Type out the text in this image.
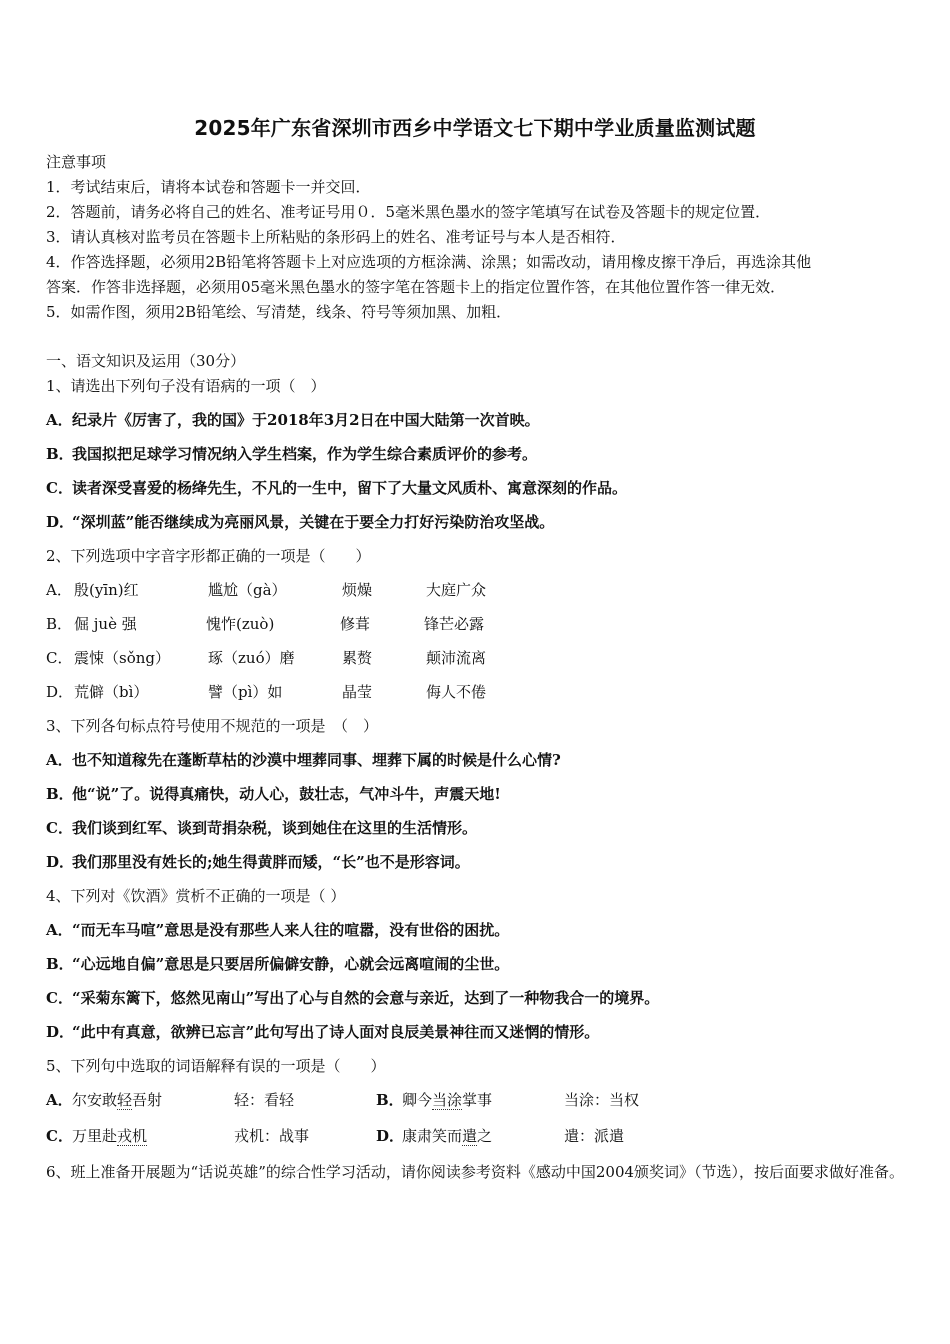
2025年广东省深圳市西乡中学语文七下期中学业质量监测试题
注意事项
1．考试结束后，请将本试卷和答题卡一并交回．
2．答题前，请务必将自己的姓名、准考证号用０．5毫米黑色墨水的签字笔填写在试卷及答题卡的规定位置．
3．请认真核对监考员在答题卡上所粘贴的条形码上的姓名、准考证号与本人是否相符．
4．作答选择题，必须用2B铅笔将答题卡上对应选项的方框涂满、涂黑；如需改动，请用橡皮擦干净后，再选涂其他
答案．作答非选择题，必须用05毫米黑色墨水的签字笔在答题卡上的指定位置作答，在其他位置作答一律无效．
5．如需作图，须用2B铅笔绘、写清楚，线条、符号等须加黑、加粗．
一、语文知识及运用（30分）
1、请选出下列句子没有语病的一项（　）
A．纪录片《厉害了，我的国》于2018年3月2日在中国大陆第一次首映。
B．我国拟把足球学习情况纳入学生档案，作为学生综合素质评价的参考。
C．读者深受喜爱的杨绛先生，不凡的一生中，留下了大量文风质朴、寓意深刻的作品。
D．“深圳蓝”能否继续成为亮丽风景，关键在于要全力打好污染防治攻坚战。
2、下列选项中字音字形都正确的一项是（　　）
A． 殷(yīn)红	尴尬（gà）	烦燥	大庭广众
B． 倔 juè 强	愧怍(zuò)	修葺	锋芒必露
C． 震悚（sǒng）	琢（zuó）磨	累赘	颠沛流离
D． 荒僻（bì）	譬（pì）如	晶莹	侮人不倦
3、下列各句标点符号使用不规范的一项是　（　）
A．也不知道稼先在蓬断草枯的沙漠中埋葬同事、埋葬下属的时候是什么心情?
B．他“说”了。说得真痛快，动人心，鼓壮志，气冲斗牛，声震天地!
C．我们谈到红军、谈到苛捐杂税，谈到她住在这里的生活情形。
D．我们那里没有姓长的;她生得黄胖而矮，“长”也不是形容词。
4、下列对《饮酒》赏析不正确的一项是（ ）
A．“而无车马喧”意思是没有那些人来人往的喧嚣，没有世俗的困扰。
B．“心远地自偏”意思是只要居所偏僻安静，心就会远离喧闹的尘世。
C．“采菊东篱下，悠然见南山”写出了心与自然的会意与亲近，达到了一种物我合一的境界。
D．“此中有真意，欲辨已忘言”此句写出了诗人面对良辰美景神往而又迷惘的情形。
5、下列句中选取的词语解释有误的一项是（　　）
A．尔安敢轻吾射	轻：看轻	B．卿今当涂掌事	当涂：当权
C．万里赴戎机	戎机：战事	D．康肃笑而遣之	遣：派遣
6、班上准备开展题为“话说英雄”的综合性学习活动，请你阅读参考资料《感动中国2004颁奖词》（节选），按后面要求做好准备。
